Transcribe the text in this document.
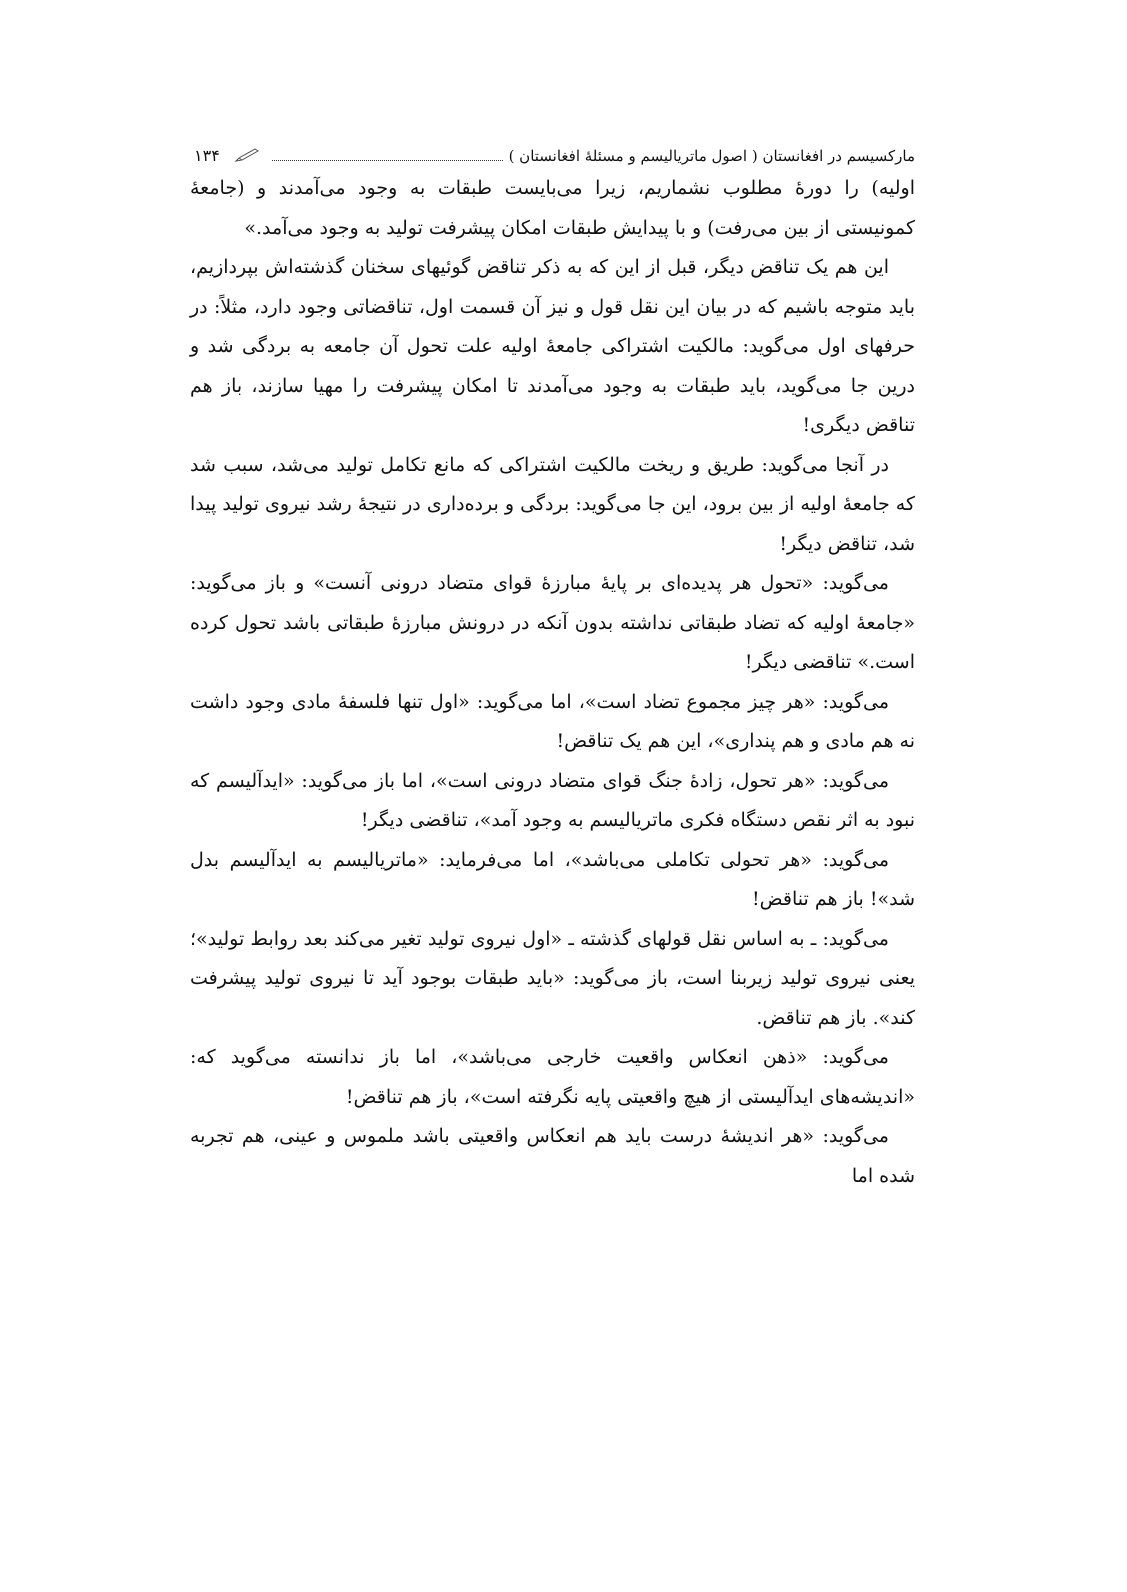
مارکسیسم در افغانستان ( اصول ماتریالیسم و مسئلۀ افغانستان )
۱۳۴

اولیه) را دورۀ مطلوب نشماریم، زیرا می‌بایست طبقات به وجود می‌آمدند و (جامعۀ کمونیستی از بین می‌رفت) و با پیدایش طبقات امکان پیشرفت تولید به وجود می‌آمد.»

این هم یک تناقض دیگر، قبل از این که به ذکر تناقض گوئیهای سخنان گذشته‌اش بپردازیم، باید متوجه باشیم که در بیان این نقل قول و نیز آن قسمت اول، تناقضاتی وجود دارد، مثلاً: در حرفهای اول می‌گوید: مالکیت اشتراکی جامعۀ اولیه علت تحول آن جامعه به بردگی شد و درین جا می‌گوید، باید طبقات به وجود می‌آمدند تا امکان پیشرفت را مهیا سازند، باز هم تناقض دیگری!

در آنجا می‌گوید: طریق و ریخت مالکیت اشتراکی که مانع تکامل تولید می‌شد، سبب شد که جامعۀ اولیه از بین برود، این جا می‌گوید: بردگی و برده‌داری در نتیجۀ رشد نیروی تولید پیدا شد، تناقض دیگر!

می‌گوید: «تحول هر پدیده‌ای بر پایۀ مبارزۀ قوای متضاد درونی آنست» و باز می‌گوید: «جامعۀ اولیه که تضاد طبقاتی نداشته بدون آنکه در درونش مبارزۀ طبقاتی باشد تحول کرده است.» تناقضی دیگر!

می‌گوید: «هر چیز مجموع تضاد است»، اما می‌گوید: «اول تنها فلسفۀ مادی وجود داشت نه هم مادی و هم پنداری»، این هم یک تناقض!

می‌گوید: «هر تحول، زادۀ جنگ قوای متضاد درونی است»، اما باز می‌گوید: «ایدآلیسم که نبود به اثر نقص دستگاه فکری ماتریالیسم به وجود آمد»، تناقضی دیگر!

می‌گوید: «هر تحولی تکاملی می‌باشد»، اما می‌فرماید: «ماتریالیسم به ایدآلیسم بدل شد»! باز هم تناقض!

می‌گوید: ـ به اساس نقل قولهای گذشته ـ «اول نیروی تولید تغیر می‌کند بعد روابط تولید»؛ یعنی نیروی تولید زیربنا است، باز می‌گوید: «باید طبقات بوجود آید تا نیروی تولید پیشرفت کند». باز هم تناقض.

می‌گوید: «ذهن انعکاس واقعیت خارجی می‌باشد»، اما باز ندانسته می‌گوید که: «اندیشه‌های ایدآلیستی از هیچ واقعیتی پایه نگرفته است»، باز هم تناقض!

می‌گوید: «هر اندیشۀ درست باید هم انعکاس واقعیتی باشد ملموس و عینی، هم تجربه شده اما
